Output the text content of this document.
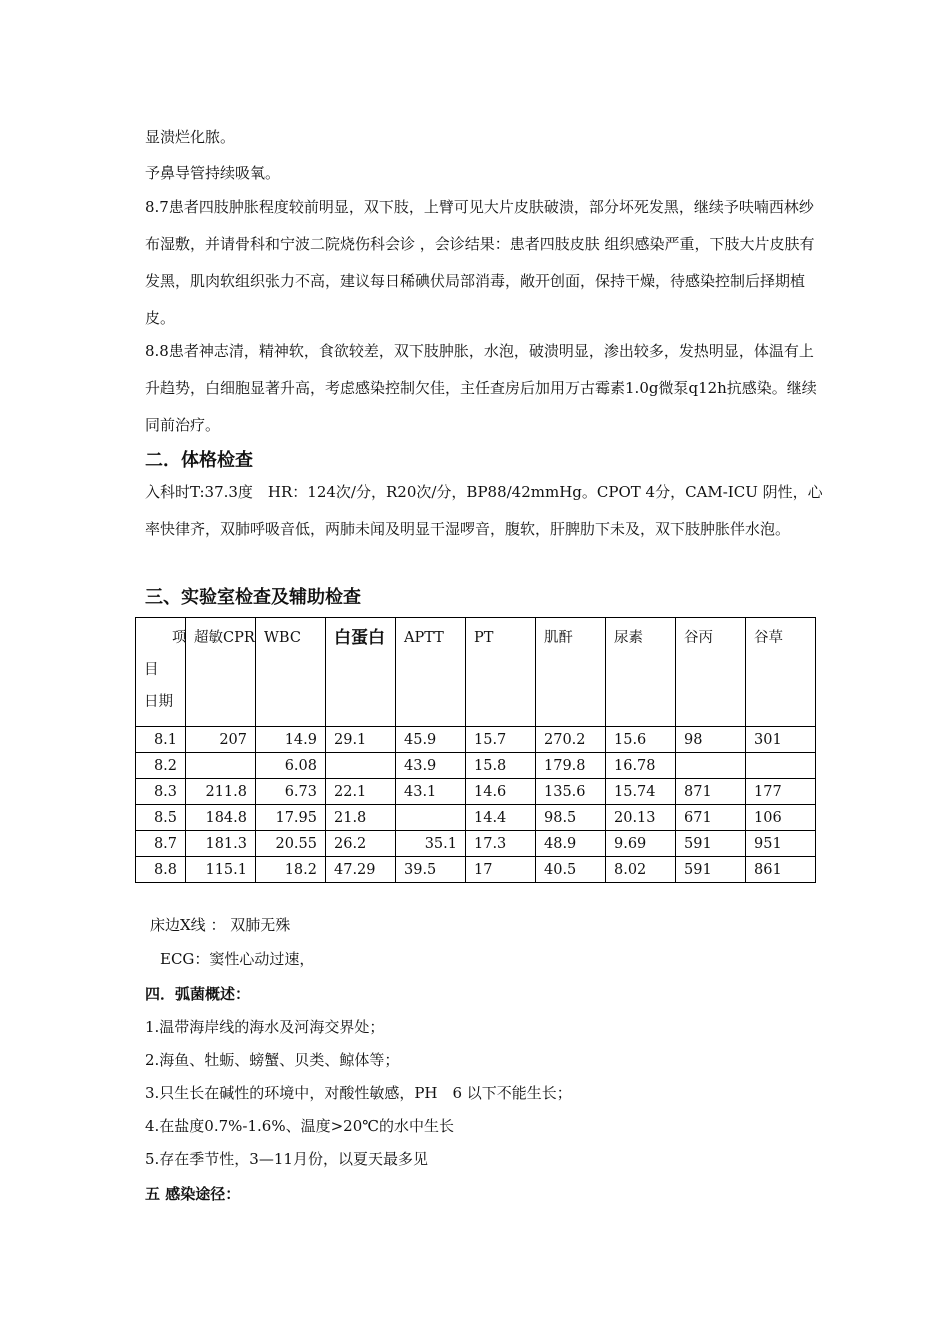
显溃烂化脓。

予鼻导管持续吸氧。

8.7患者四肢肿胀程度较前明显，双下肢，上臂可见大片皮肤破溃，部分坏死发黑，继续予呋喃西林纱布湿敷，并请骨科和宁波二院烧伤科会诊 ，会诊结果：患者四肢皮肤 组织感染严重，下肢大片皮肤有发黑，肌肉软组织张力不高，建议每日稀碘伏局部消毒，敞开创面，保持干燥，待感染控制后择期植皮。

8.8患者神志清，精神软，食欲较差，双下肢肿胀，水泡，破溃明显，渗出较多，发热明显，体温有上升趋势，白细胞显著升高，考虑感染控制欠佳，主任查房后加用万古霉素1.0g微泵q12h抗感染。继续同前治疗。

二．体格检查

入科时T:37.3度　HR：124次/分，R20次/分，BP88/42mmHg。CPOT 4分，CAM-ICU 阴性，心率快律齐，双肺呼吸音低，两肺未闻及明显干湿啰音，腹软，肝脾肋下未及，双下肢肿胀伴水泡。

三、实验室检查及辅助检查
项
目
日期	超敏CPR	WBC	白蛋白	APTT	PT	肌酐	尿素	谷丙	谷草
8.1	207	14.9	29.1	45.9	15.7	270.2	15.6	98	301
8.2		6.08		43.9	15.8	179.8	16.78		
8.3	211.8	6.73	22.1	43.1	14.6	135.6	15.74	871	177
8.5	184.8	17.95	21.8		14.4	98.5	20.13	671	106
8.7	181.3	20.55	26.2	35.1	17.3	48.9	9.69	591	951
8.8	115.1	18.2	47.29	39.5	17	40.5	8.02	591	861

床边X线 ： 双肺无殊

ECG：窦性心动过速，

四．弧菌概述：

1.温带海岸线的海水及河海交界处；

2.海鱼、牡蛎、螃蟹、贝类、鲸体等；

3.只生长在碱性的环境中，对酸性敏感，PH　6 以下不能生长；

4.在盐度0.7%-1.6%、温度>20℃的水中生长

5.存在季节性，3—11月份，以夏天最多见

五 感染途径：
